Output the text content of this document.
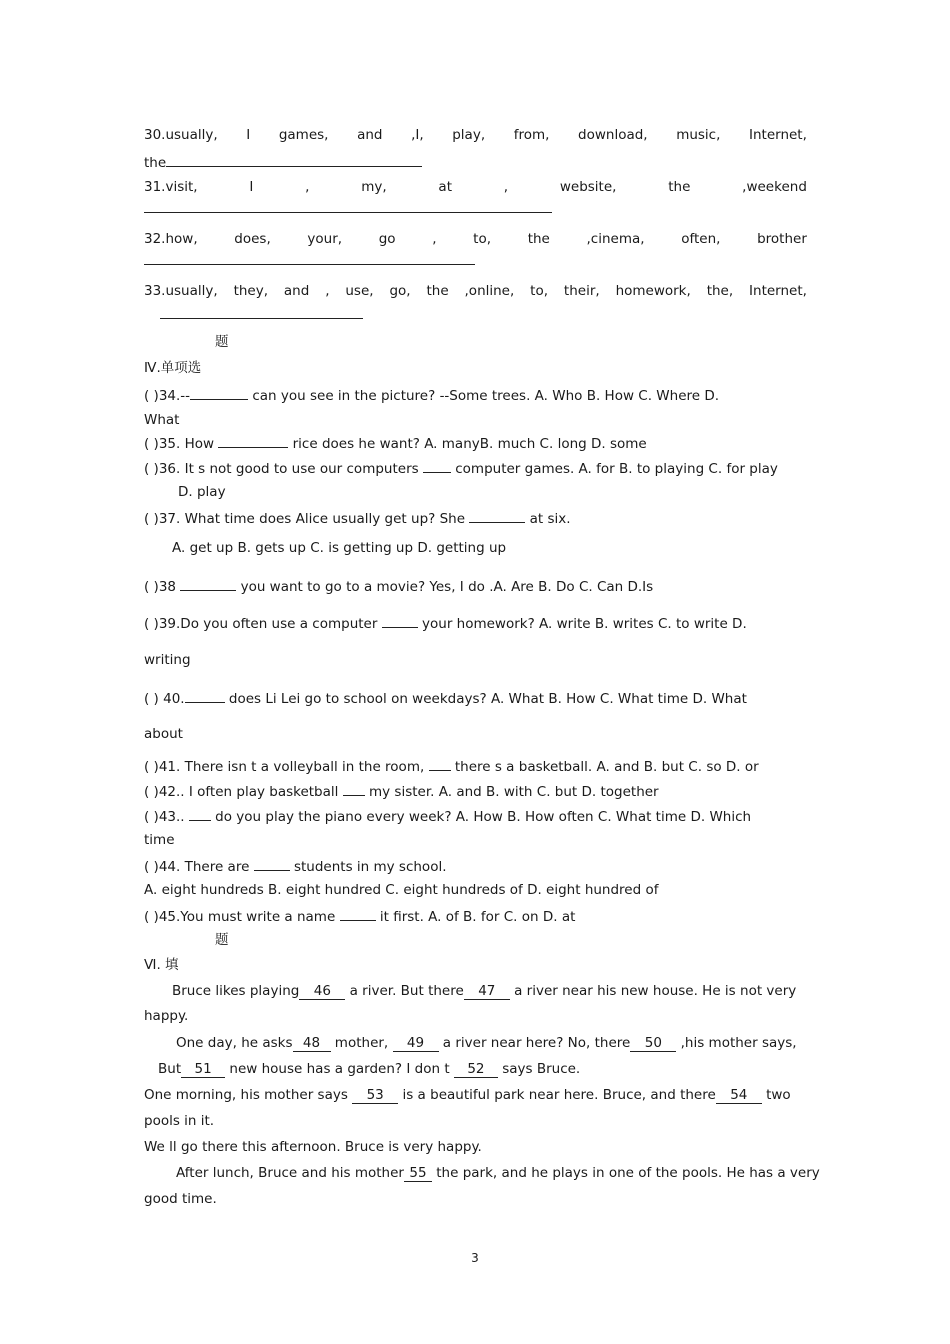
30.usually, I games, and ,I, play, from, download, music, Internet,
the
31.visit,	I	,	my,	at	,	website,	the	,weekend
32.how,	does,	your,	go	,	to,	the	,cinema,	often,	brother
33.usually, they, and , use, go, the ,online, to, their, homework, the, Internet,
题
Ⅳ.单项选
( )34.--	can you see in the picture? --Some trees. A. Who B. How C. Where D.
What
( )35. How	rice does he want? A. manyB. much C. long D. some
( )36. It s not good to use our computers  computer games. A. for B. to playing C. for play
D. play
( )37. What time does Alice usually get up? She	at six.
A. get up B. gets up C. is getting up D. getting up
( )38	you want to go to a movie? Yes, I do .A. Are B. Do C. Can D.Is
( )39.Do you often use a computer	your homework? A. write B. writes C. to write D.
writing
( ) 40.	does Li Lei go to school on weekdays? A. What B. How C. What time D. What
about
( )41. There isn t a volleyball in the room,  there s a basketball. A. and B. but C. so D. or
( )42.. I often play basketball  my sister. A. and B. with C. but D. together
( )43..  do you play the piano every week? A. How B. How often C. What time D. Which
time
( )44. There are	students in my school.
A. eight hundreds B. eight hundred C. eight hundreds of D. eight hundred of
( )45.You must write a name	it first. A. of B. for C. on D. at
题
Ⅵ. 填
Bruce likes playing 46 a river. But there 47 a river near his new house. He is not very
happy.
One day, he asks 48 mother, 49 a river near here? No, there 50 ,his mother says,
But 51 new house has a garden? I don t 52 says Bruce.
One morning, his mother says 53 is a beautiful park near here. Bruce, and there 54 two
pools in it.
We ll go there this afternoon. Bruce is very happy.
After lunch, Bruce and his mother 55 the park, and he plays in one of the pools. He has a very
good time.
3
